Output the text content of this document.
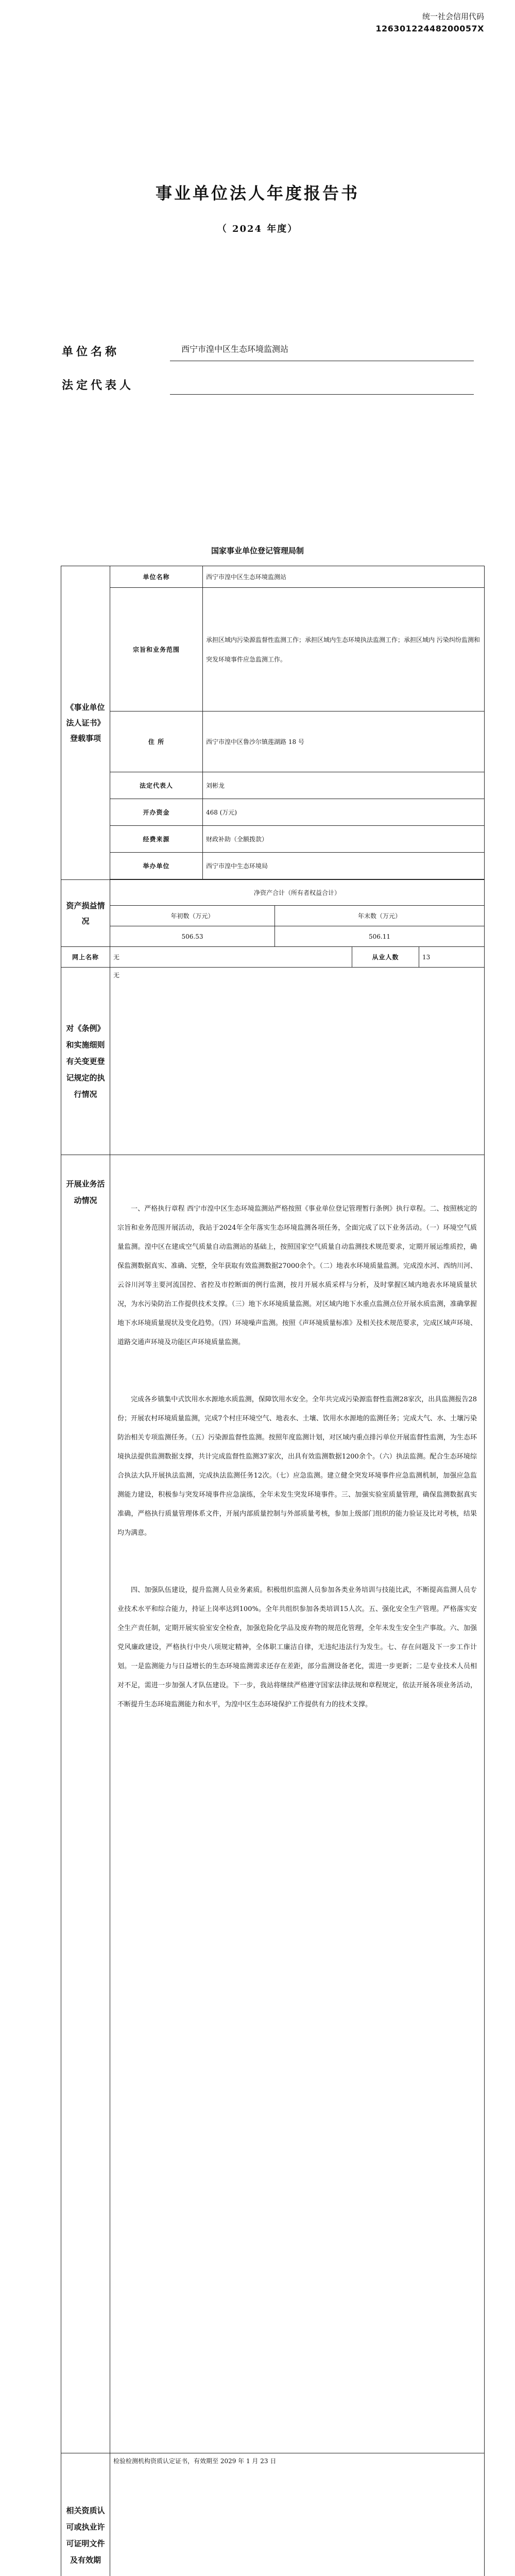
统一社会信用代码
12630122448200057X
事业单位法人年度报告书
（ 2024 年度）
单位名称	西宁市湟中区生态环境监测站
法定代表人
国家事业单位登记管理局制
《事业单位法人证书》登载事项	单位名称	西宁市湟中区生态环境监测站			
	宗旨和业务范围	承担区域内污染源监督性监测工作；承担区域内生态环境执法监测工作；承担区域内 污染纠纷监测和突发环境事件应急监测工作。			
	住 所	西宁市湟中区鲁沙尔镇莲湖路 18 号			
	法定代表人	刘彬龙			
	开办资金	468 (万元)			
	经费来源	财政补助（全额拨款）			
	举办单位	西宁市湟中生态环境局			

资产损益情况	净资产合计（所有者权益合计）				
	年初数（万元）		年末数（万元）		
	506.53		506.11		
网上名称	无			从业人数	13
对《条例》和实施细则有关变更登记规定的执行情况	无				
开展业务活动情况	一、严格执行章程 西宁市湟中区生态环境监测站严格按照《事业单位登记管理暂行条例》执行章程。二、按照核定的宗旨和业务范围开展活动，我站于2024年全年落实生态环境监测各项任务，全面完成了以下业务活动。（一）环境空气质量监测。湟中区在建成空气质量自动监测站的基础上，按照国家空气质量自动监测技术规范要求，定期开展运维质控，确保监测数据真实、准确、完整，全年获取有效监测数据27000余个。（二）地表水环境质量监测。完成湟水河、西纳川河、云谷川河等主要河流国控、省控及市控断面的例行监测，按月开展水质采样与分析，及时掌握区域内地表水环境质量状况，为水污染防治工作提供技术支撑。（三）地下水环境质量监测。对区域内地下水重点监测点位开展水质监测，准确掌握地下水环境质量现状及变化趋势。（四）环境噪声监测。按照《声环境质量标准》及相关技术规范要求，完成区域声环境、道路交通声环境及功能区声环境质量监测。

完成各乡镇集中式饮用水水源地水质监测，保障饮用水安全。全年共完成污染源监督性监测28家次，出具监测报告28份；开展农村环境质量监测，完成7个村庄环境空气、地表水、土壤、饮用水水源地的监测任务；完成大气、水、土壤污染防治相关专项监测任务。（五）污染源监督性监测。按照年度监测计划，对区域内重点排污单位开展监督性监测，为生态环境执法提供监测数据支撑，共计完成监督性监测37家次，出具有效监测数据1200余个。（六）执法监测。配合生态环境综合执法大队开展执法监测，完成执法监测任务12次。（七）应急监测。建立健全突发环境事件应急监测机制，加强应急监测能力建设，积极参与突发环境事件应急演练，全年未发生突发环境事件。三、加强实验室质量管理，确保监测数据真实准确，严格执行质量管理体系文件，开展内部质量控制与外部质量考核，参加上级部门组织的能力验证及比对考核，结果均为满意。

四、加强队伍建设，提升监测人员业务素质。积极组织监测人员参加各类业务培训与技能比武，不断提高监测人员专业技术水平和综合能力，持证上岗率达到100%。全年共组织参加各类培训15人次。五、强化安全生产管理。严格落实安全生产责任制，定期开展实验室安全检查，加强危险化学品及废弃物的规范化管理，全年未发生安全生产事故。六、加强党风廉政建设，严格执行中央八项规定精神，全体职工廉洁自律，无违纪违法行为发生。七、存在问题及下一步工作计划。一是监测能力与日益增长的生态环境监测需求还存在差距，部分监测设备老化，需进一步更新；二是专业技术人员相对不足，需进一步加强人才队伍建设。下一步，我站将继续严格遵守国家法律法规和章程规定，依法开展各项业务活动，不断提升生态环境监测能力和水平，为湟中区生态环境保护工作提供有力的技术支撑。				

相关资质认可或执业许可证明文件及有效期	检验检测机构资质认定证书，有效期至 2029 年 1 月 23 日				
